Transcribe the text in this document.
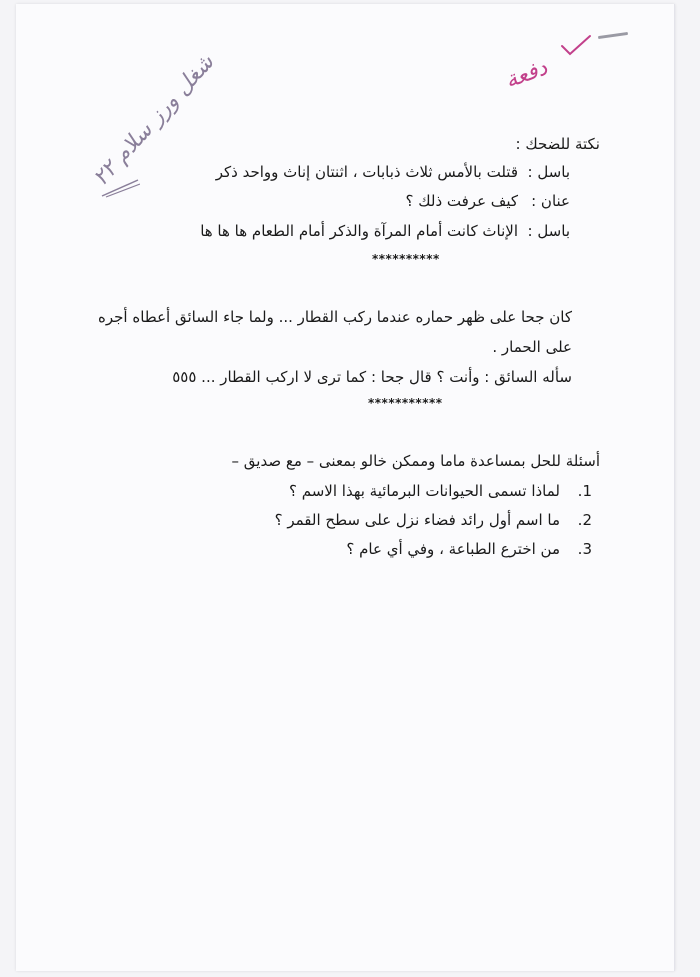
دفعة
شغل ورز سلام ٢٢	نكتة للضحك :
باسل :
قتلت بالأمس ثلاث ذبابات ، اثنتان إناث وواحد ذكر
عنان :
كيف عرفت ذلك ؟
باسل :
الإناث كانت أمام المرآة والذكر أمام الطعام ها ها ها
**********
كان جحا على ظهر حماره عندما ركب القطار ... ولما جاء السائق أعطاه أجره
على الحمار .
سأله السائق : وأنت ؟ قال جحا : كما ترى لا اركب القطار ... ٥٥٥
***********
أسئلة للحل بمساعدة ماما وممكن خالو بمعنى – مع صديق –
1.
لماذا تسمى الحيوانات البرمائية بهذا الاسم ؟
2.
ما اسم أول رائد فضاء نزل على سطح القمر ؟
3.
من اخترع الطباعة ، وفي أي عام ؟
